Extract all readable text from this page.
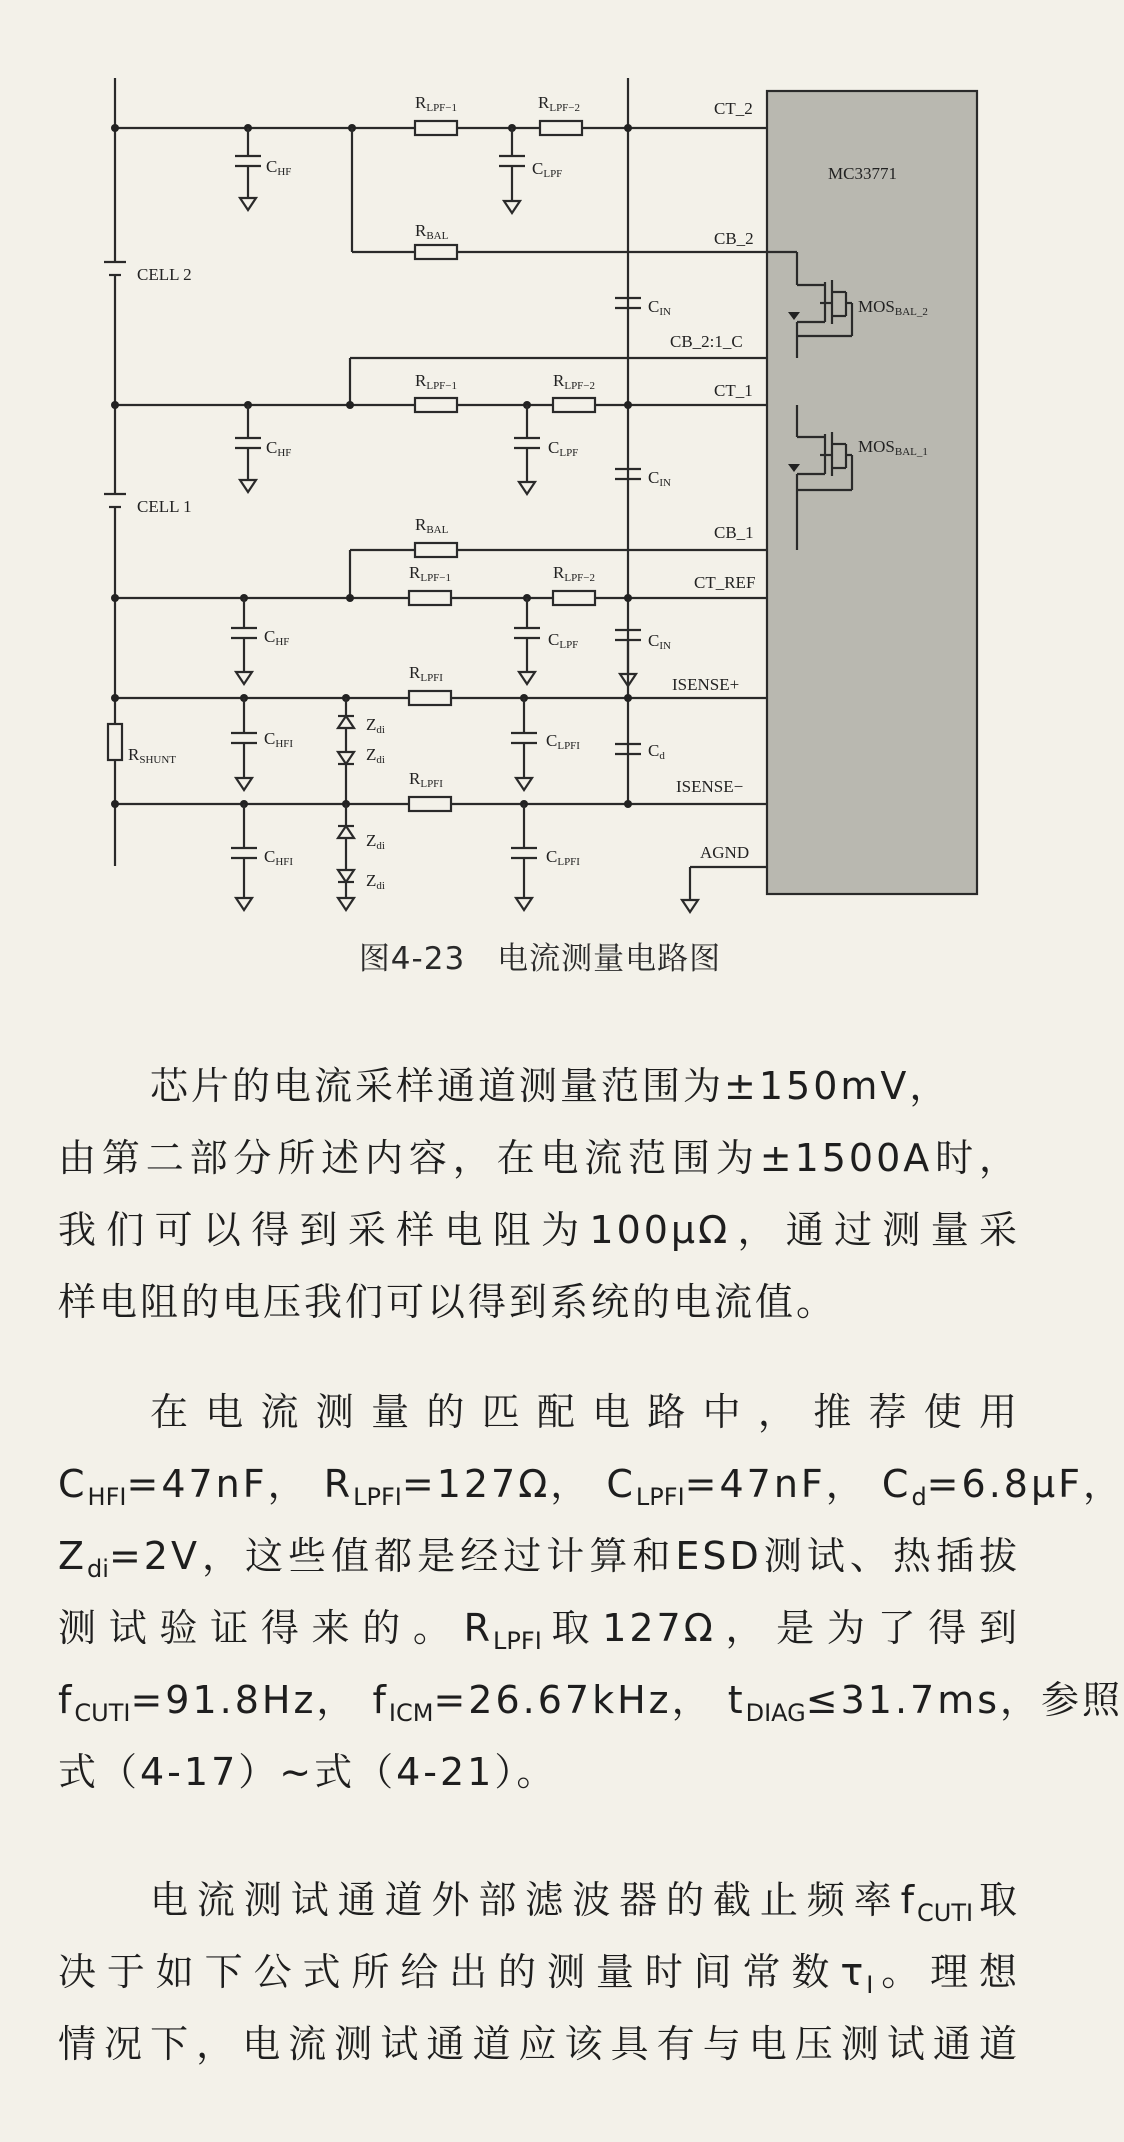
MC33771
CELL 2
CELL 1
RSHUNT
RLPF−1	RLPF−2
CHF	CLPF
RBAL
CT_2
CB_2
CIN
CB_2:1_C
RLPF−1	RLPF−2
CHF	CLPF
CIN
CT_1
RBAL	CB_1
MOSBAL_2
MOSBAL_1
RLPF−1	RLPF−2
CHF	CLPF	CIN
CT_REF
RLPFI
CHFI
Zdi
Zdi
CLPFI	Cd
ISENSE+
RLPFI
CHFI
Zdi
Zdi
CLPFI
ISENSE−
AGND
图4-23　电流测量电路图
芯片的电流采样通道测量范围为±150mV，
由第二部分所述内容，在电流范围为±1500A时，
我们可以得到采样电阻为100μΩ，通过测量采
样电阻的电压我们可以得到系统的电流值。
在电流测量的匹配电路中，推荐使用
$C_{HFI}=47nF$， $R_{LPFI}=127\Omega$， $C_{LPFI}=47nF$， $C_d=6.8\mu F$，
$Z_{di}=2V$，这些值都是经过计算和ESD测试、热插拔
测试验证得来的。$R_{LPFI}$取127Ω，是为了得到
$f_{CUTI}=91.8Hz$， $f_{ICM}=26.67kHz$， $t_{DIAG}\le 31.7ms$，参照
式（4-17）~式（4-21）。
电流测试通道外部滤波器的截止频率$f_{CUTI}$取
决于如下公式所给出的测量时间常数$\tau_I$。理想
情况下，电流测试通道应该具有与电压测试通道
